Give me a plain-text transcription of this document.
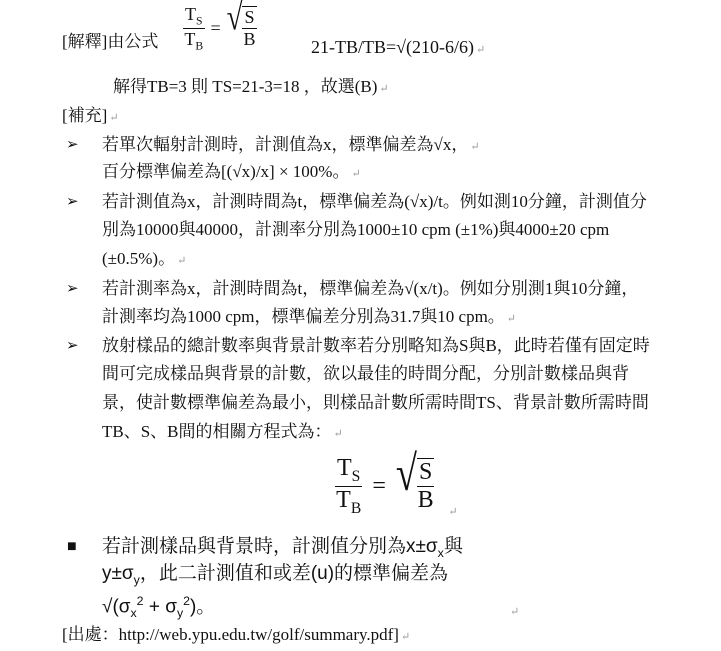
[解釋]由公式 $\frac{T_S}{T_B}$ = √ S
B	21-TB/TB=√(210-6/6) ↵
解得TB=3 則 TS=21-3=18 ，故選(B) ↵
[補充] ↵
➢ 若單次輻射計測時，計測值為x，標準偏差為√x， ↵
百分標準偏差為[(√x)/x] × 100%。 ↵
➢ 若計測值為x，計測時間為t，標準偏差為(√x)/t。例如測10分鐘，計測值分
別為10000與40000，計測率分別為1000±10 cpm (±1%)與4000±20 cpm
(±0.5%)。 ↵
➢ 若計測率為x，計測時間為t，標準偏差為√(x/t)。例如分別測1與10分鐘，
計測率均為1000 cpm，標準偏差分別為31.7與10 cpm。 ↵
➢ 放射樣品的總計數率與背景計數率若分別略知為S與B，此時若僅有固定時
間可完成樣品與背景的計數，欲以最佳的時間分配，分別計數樣品與背
景，使計數標準偏差為最小，則樣品計數所需時間TS、背景計數所需時間
TB、S、B間的相關方程式為： ↵
$\frac{T_S}{T_B}$ = √ S
B ↵
■ 若計測樣品與背景時，計測值分別為$x\pm\sigma_x$與
$y\pm\sigma_y$，此二計測值和或差(u)的標準偏差為
$√(\sigma_x^2 + \sigma_y^2)$。	↵
[出處：http://web.ypu.edu.tw/golf/summary.pdf] ↵
